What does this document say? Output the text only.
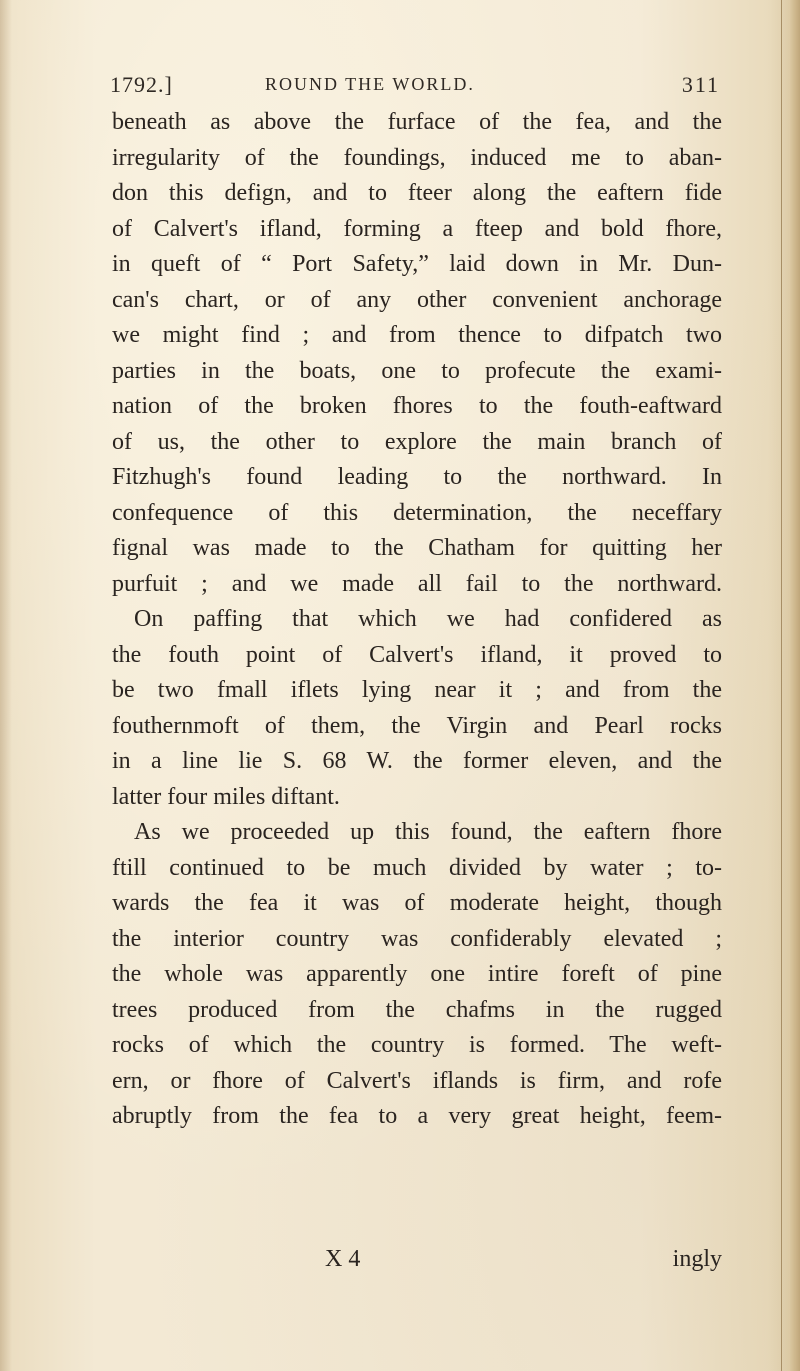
1792.]	ROUND THE WORLD.	311
beneath as above the furface of the fea, and the
irregularity of the foundings, induced me to aban-
don this defign, and to fteer along the eaftern fide
of Calvert's ifland, forming a fteep and bold fhore,
in queft of “ Port Safety,” laid down in Mr. Dun-
can's chart, or of any other convenient anchorage
we might find ; and from thence to difpatch two
parties in the boats, one to profecute the exami-
nation of the broken fhores to the fouth-eaftward
of us, the other to explore the main branch of
Fitzhugh's found leading to the northward. In
confequence of this determination, the neceffary
fignal was made to the Chatham for quitting her
purfuit ; and we made all fail to the northward.
On paffing that which we had confidered as
the fouth point of Calvert's ifland, it proved to
be two fmall iflets lying near it ; and from the
fouthernmoft of them, the Virgin and Pearl rocks
in a line lie S. 68 W. the former eleven, and the
latter four miles diftant.
As we proceeded up this found, the eaftern fhore
ftill continued to be much divided by water ; to-
wards the fea it was of moderate height, though
the interior country was confiderably elevated ;
the whole was apparently one intire foreft of pine
trees produced from the chafms in the rugged
rocks of which the country is formed. The weft-
ern, or fhore of Calvert's iflands is firm, and rofe
abruptly from the fea to a very great height, feem-
X 4	ingly
